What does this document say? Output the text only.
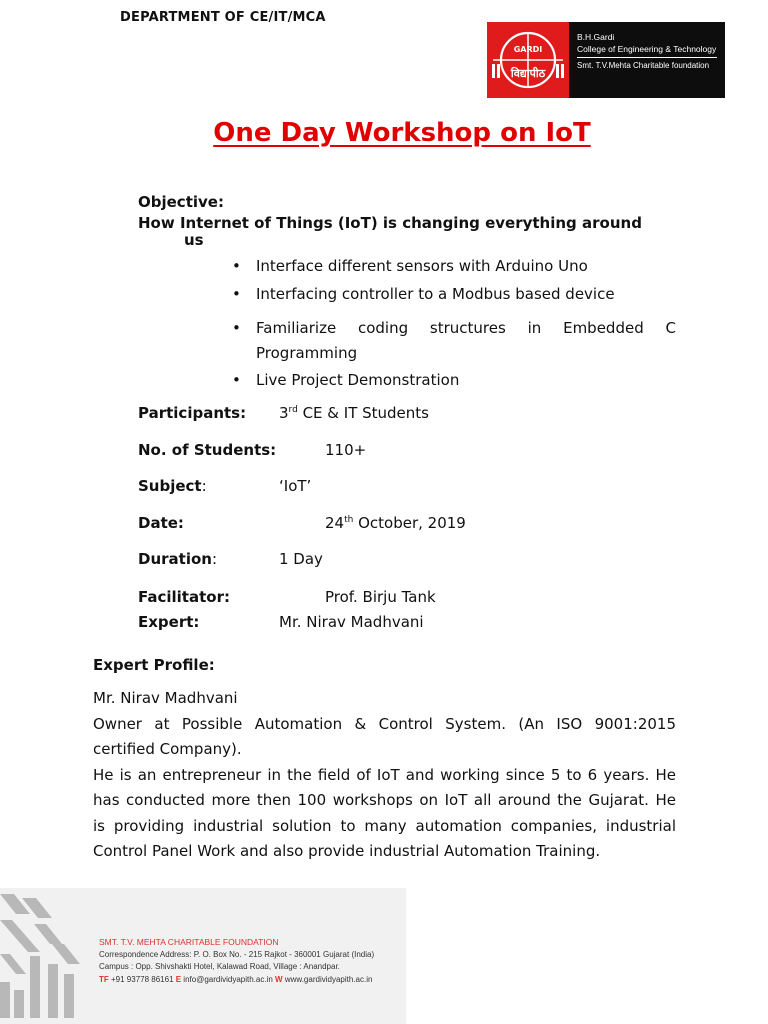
DEPARTMENT OF CE/IT/MCA
GARDI
विद्यापीठ
B.H.Gardi
College of Engineering & Technology
Smt. T.V.Mehta Charitable foundation
One Day Workshop on IoT
Objective:
How Internet of Things (IoT) is changing everything around
us
• Interface different sensors with Arduino Uno
• Interfacing controller to a Modbus based device
• Familiarize coding structures in Embedded C Programming
• Live Project Demonstration
Participants: 3rd CE & IT Students
No. of Students:	110+
Subject:	‘IoT’
Date:	24th October, 2019
Duration:	1 Day
Facilitator:	Prof. Birju Tank
Expert:	Mr. Nirav Madhvani
Expert Profile:
Mr. Nirav Madhvani
Owner at Possible Automation & Control System. (An ISO 9001:2015
certified Company).
He is an entrepreneur in the field of IoT and working since 5 to 6 years. He
has conducted more then 100 workshops on IoT all around the Gujarat. He
is providing industrial solution to many automation companies, industrial
Control Panel Work and also provide industrial Automation Training.
SMT. T.V. MEHTA CHARITABLE FOUNDATION
Correspondence Address: P. O. Box No. - 215 Rajkot - 360001 Gujarat (India)
Campus : Opp. Shivshakti Hotel, Kalawad Road, Village : Anandpar.
TF +91 93778 86161 E info@gardividyapith.ac.in W www.gardividyapith.ac.in
